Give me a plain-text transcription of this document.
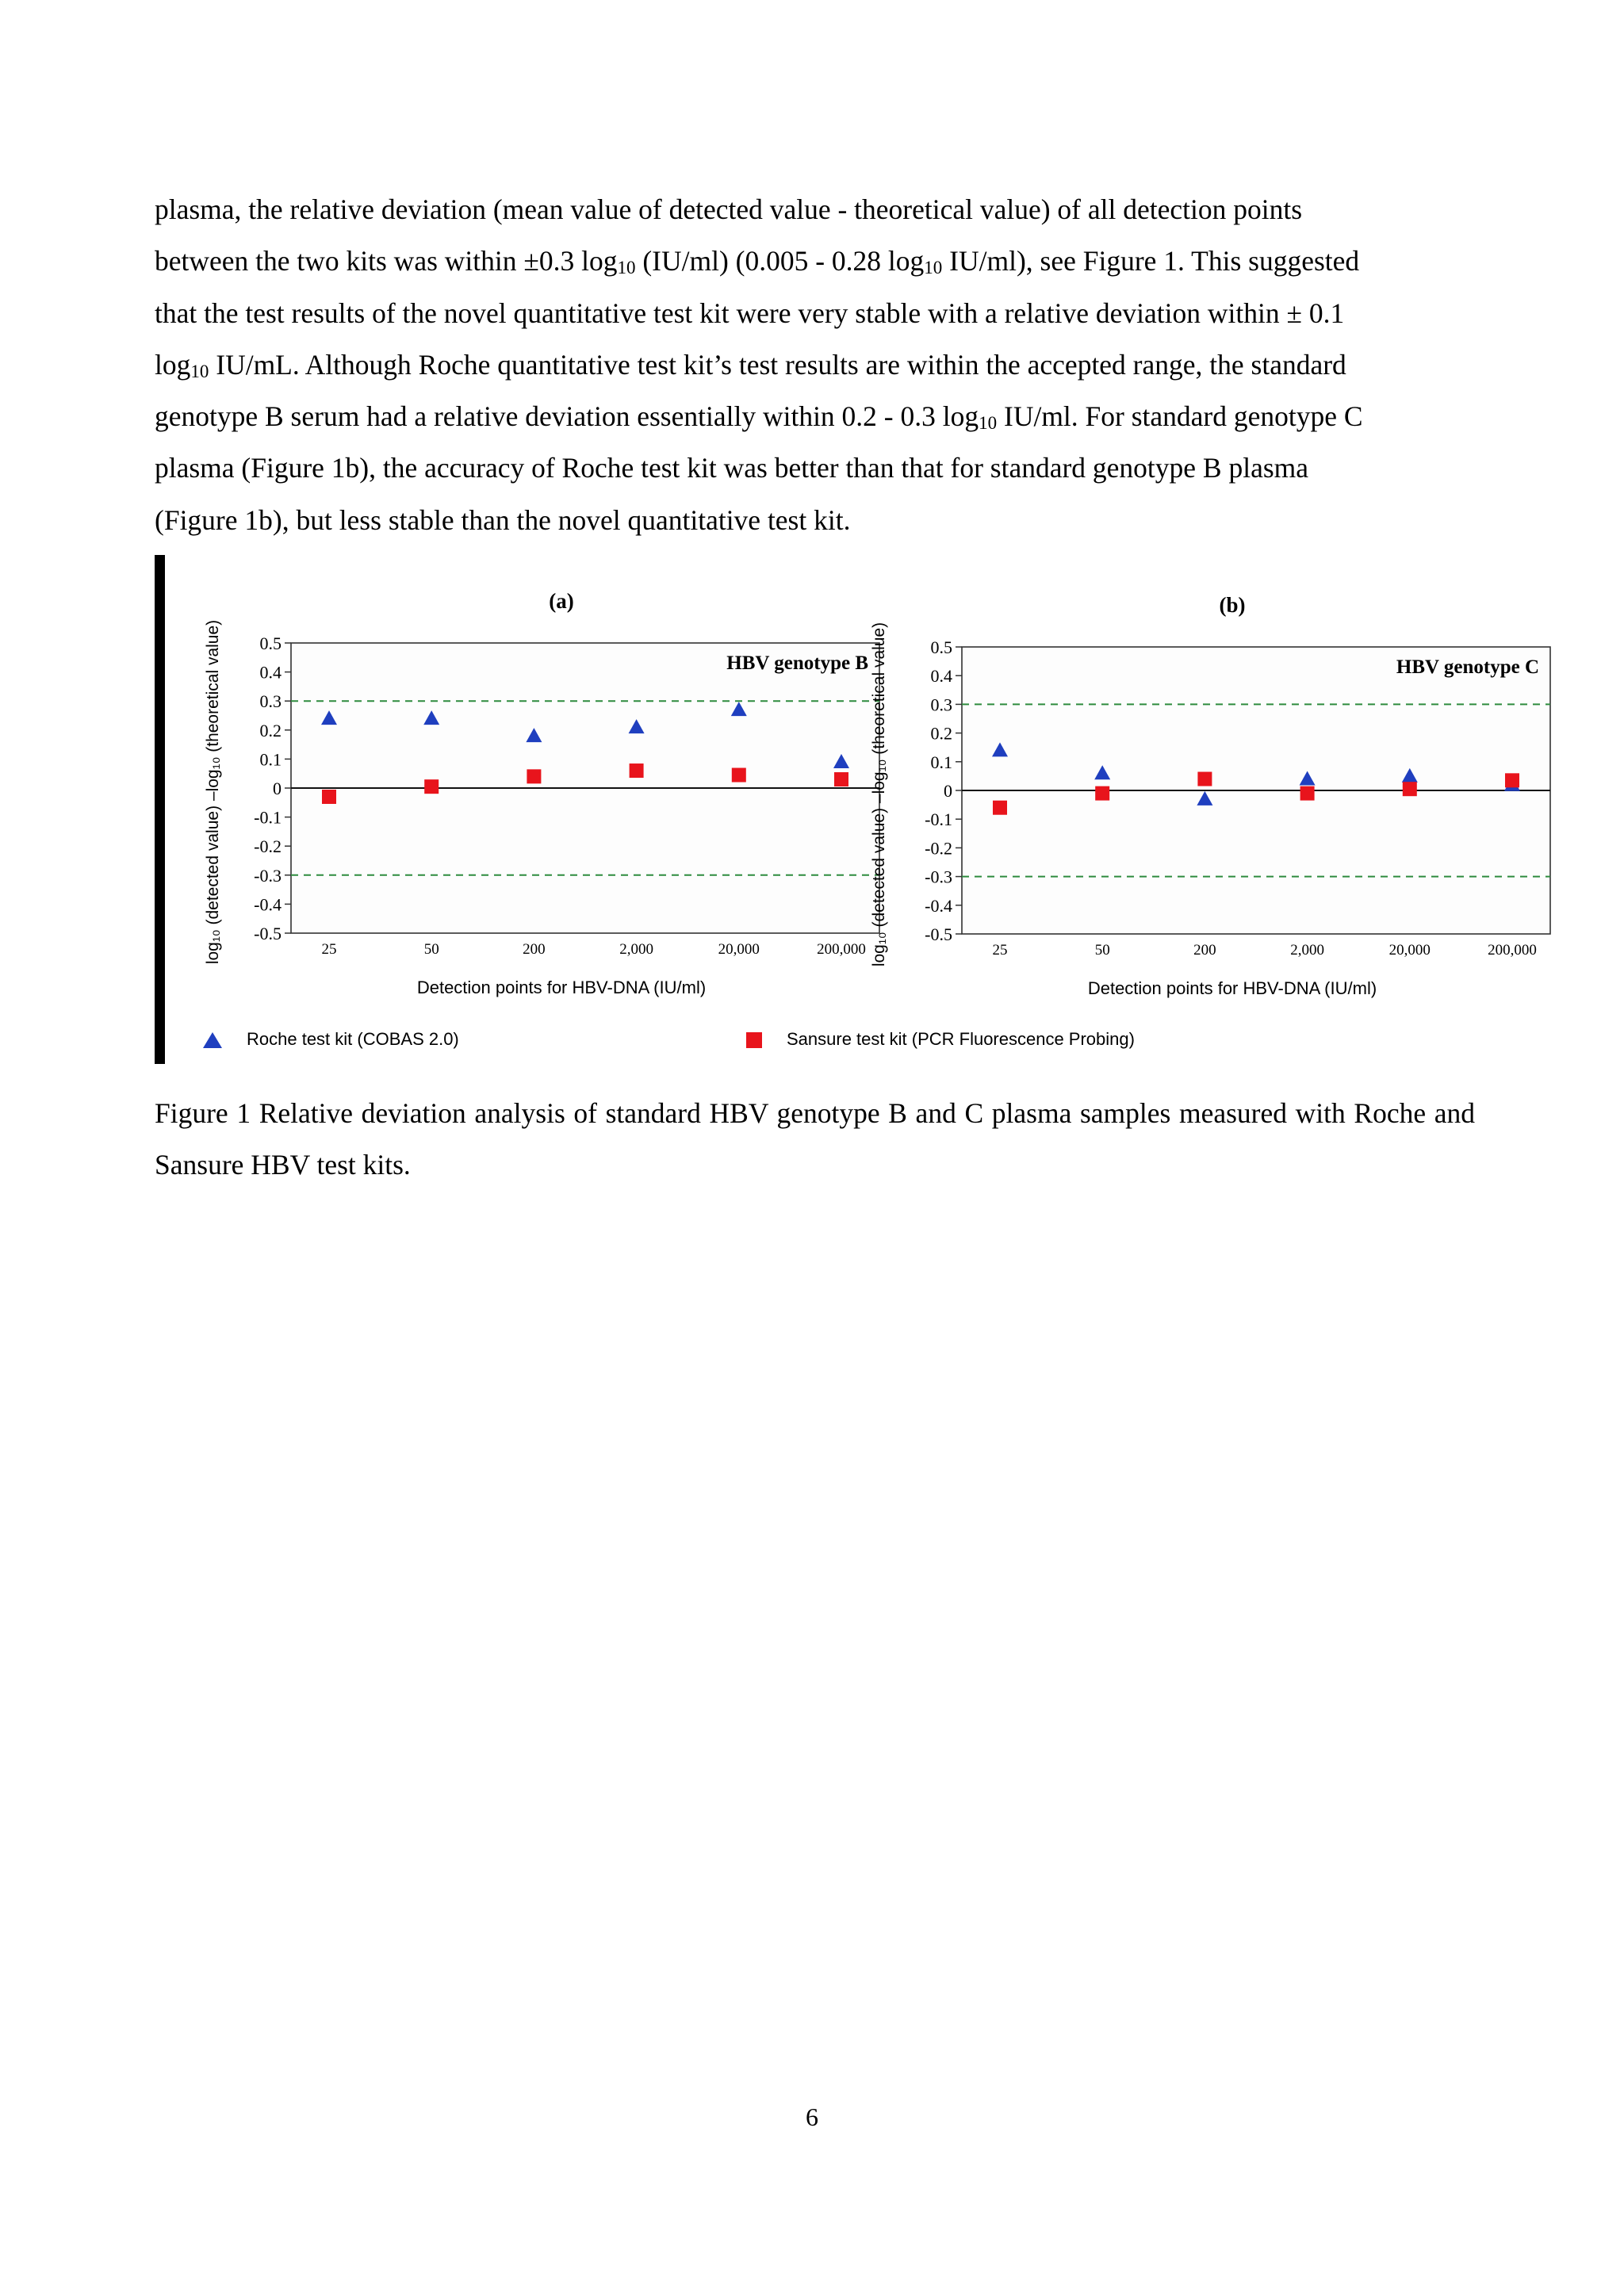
plasma, the relative deviation (mean value of detected value - theoretical value) of all detection points
between the two kits was within ±0.3 $\log_{10} (IU/ml)$ (0.005 - 0.28 $\log_{10} IU/ml$), see Figure 1. This suggested
that the test results of the novel quantitative test kit were very stable with a relative deviation within ± 0.1
$\log_{10} IU/mL$. Although Roche quantitative test kit’s test results are within the accepted range, the standard
genotype B serum had a relative deviation essentially within 0.2 - 0.3 $\log_{10} IU/ml$. For standard genotype C
plasma (Figure 1b), the accuracy of Roche test kit was better than that for standard genotype B plasma
(Figure 1b), but less stable than the novel quantitative test kit.

0.5
0.4
0.3
0.2
0.1
0
-0.1
-0.2
-0.3
-0.4
-0.5
25	50	200	2,000	20,000	200,000
(a)
HBV genotype B
Detection points for HBV-DNA (IU/ml)
log₁₀ (detected value) –log₁₀ (theoretical value)	0.5
0.4
0.3
0.2
0.1
0
-0.1
-0.2
-0.3
-0.4
-0.5
25	50	200	2,000	20,000	200,000
(b)
HBV genotype C
Detection points for HBV-DNA (IU/ml)
log₁₀ (detected value) –log₁₀ (theoretical value)
Roche test kit (COBAS 2.0)	Sansure test kit (PCR Fluorescence Probing)

Figure 1 Relative deviation analysis of standard HBV genotype B and C plasma samples measured with Roche and Sansure HBV test kits.

6
